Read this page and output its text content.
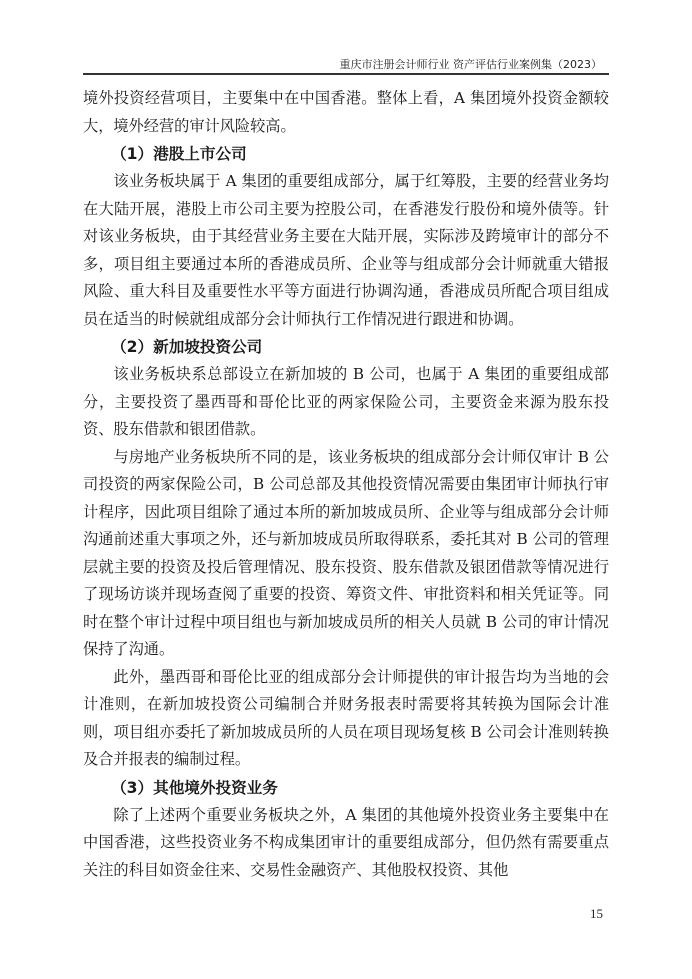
重庆市注册会计师行业 资产评估行业案例集（2023）

境外投资经营项目，主要集中在中国香港。整体上看，A 集团境外投资金额较大，境外经营的审计风险较高。

（1）港股上市公司

该业务板块属于 A 集团的重要组成部分，属于红筹股，主要的经营业务均在大陆开展，港股上市公司主要为控股公司，在香港发行股份和境外债等。针对该业务板块，由于其经营业务主要在大陆开展，实际涉及跨境审计的部分不多，项目组主要通过本所的香港成员所、企业等与组成部分会计师就重大错报风险、重大科目及重要性水平等方面进行协调沟通，香港成员所配合项目组成员在适当的时候就组成部分会计师执行工作情况进行跟进和协调。

（2）新加坡投资公司

该业务板块系总部设立在新加坡的 B 公司，也属于 A 集团的重要组成部分，主要投资了墨西哥和哥伦比亚的两家保险公司，主要资金来源为股东投资、股东借款和银团借款。

与房地产业务板块所不同的是，该业务板块的组成部分会计师仅审计 B 公司投资的两家保险公司，B 公司总部及其他投资情况需要由集团审计师执行审计程序，因此项目组除了通过本所的新加坡成员所、企业等与组成部分会计师沟通前述重大事项之外，还与新加坡成员所取得联系，委托其对 B 公司的管理层就主要的投资及投后管理情况、股东投资、股东借款及银团借款等情况进行了现场访谈并现场查阅了重要的投资、筹资文件、审批资料和相关凭证等。同时在整个审计过程中项目组也与新加坡成员所的相关人员就 B 公司的审计情况保持了沟通。

此外，墨西哥和哥伦比亚的组成部分会计师提供的审计报告均为当地的会计准则，在新加坡投资公司编制合并财务报表时需要将其转换为国际会计准则，项目组亦委托了新加坡成员所的人员在项目现场复核 B 公司会计准则转换及合并报表的编制过程。

（3）其他境外投资业务

除了上述两个重要业务板块之外，A 集团的其他境外投资业务主要集中在中国香港，这些投资业务不构成集团审计的重要组成部分，但仍然有需要重点关注的科目如资金往来、交易性金融资产、其他股权投资、其他

15
